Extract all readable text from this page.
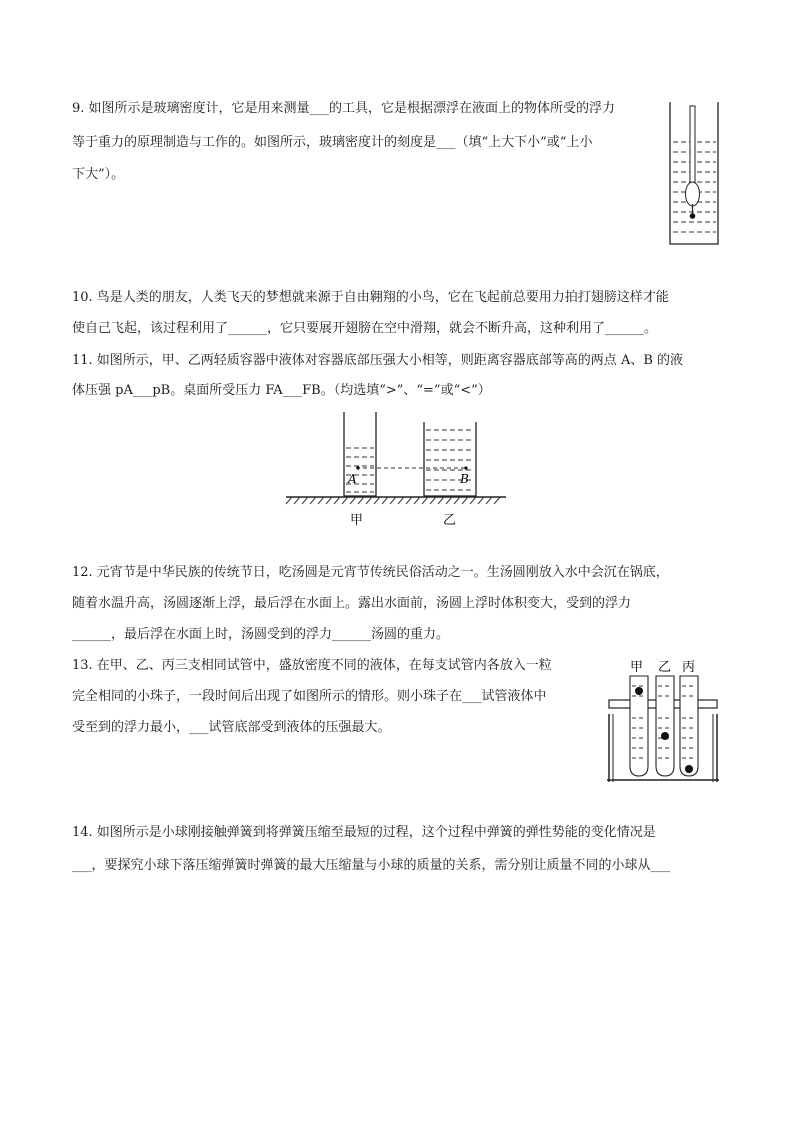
9. 如图所示是玻璃密度计，它是用来测量___的工具，它是根据漂浮在液面上的物体所受的浮力
等于重力的原理制造与工作的。如图所示，玻璃密度计的刻度是___（填“上大下小”或“上小
下大”）。
10. 鸟是人类的朋友，人类飞天的梦想就来源于自由翱翔的小鸟，它在飞起前总要用力拍打翅膀这样才能
使自己飞起，该过程利用了______，它只要展开翅膀在空中滑翔，就会不断升高，这种利用了______。
11. 如图所示，甲、乙两轻质容器中液体对容器底部压强大小相等，则距离容器底部等高的两点 A、B 的液
体压强 pA___pB。桌面所受压力 FA___FB。（均选填“>”、“=”或“<”）
A	B
甲	乙
12. 元宵节是中华民族的传统节日，吃汤圆是元宵节传统民俗活动之一。生汤圆刚放入水中会沉在锅底，
随着水温升高，汤圆逐渐上浮，最后浮在水面上。露出水面前，汤圆上浮时体积变大，受到的浮力
______，最后浮在水面上时，汤圆受到的浮力______汤圆的重力。
13. 在甲、乙、丙三支相同试管中，盛放密度不同的液体，在每支试管内各放入一粒
完全相同的小珠子，一段时间后出现了如图所示的情形。则小珠子在___试管液体中
受至到的浮力最小，___试管底部受到液体的压强最大。
甲 乙 丙
14. 如图所示是小球刚接触弹簧到将弹簧压缩至最短的过程，这个过程中弹簧的弹性势能的变化情况是
___，要探究小球下落压缩弹簧时弹簧的最大压缩量与小球的质量的关系，需分别让质量不同的小球从___
